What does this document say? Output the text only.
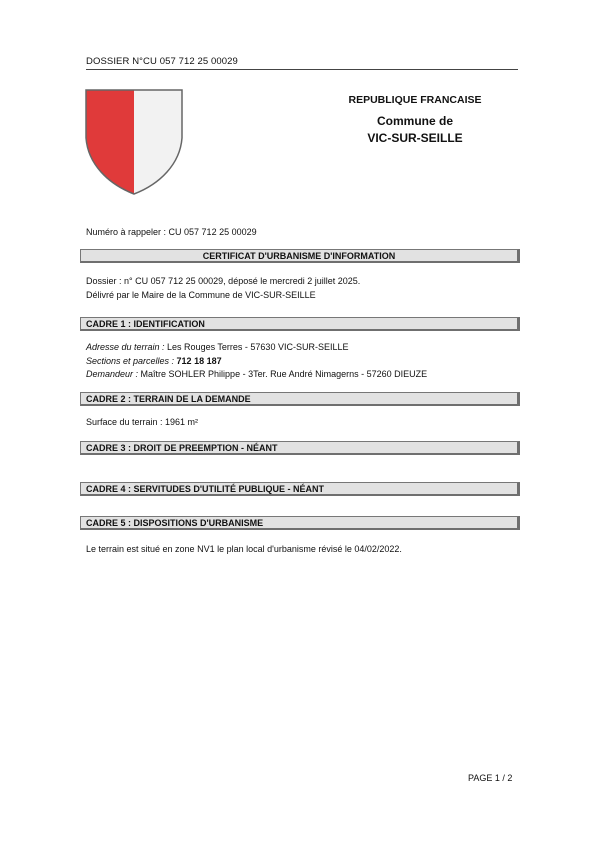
DOSSIER N°CU 057 712 25 00029
REPUBLIQUE FRANCAISE
Commune de
VIC-SUR-SEILLE
Numéro à rappeler : CU 057 712 25 00029
CERTIFICAT D'URBANISME D'INFORMATION
Dossier : n° CU 057 712 25 00029, déposé le mercredi 2 juillet 2025.
Délivré par le Maire de la Commune de VIC-SUR-SEILLE
CADRE 1 : IDENTIFICATION
Adresse du terrain : Les Rouges Terres - 57630 VIC-SUR-SEILLE
Sections et parcelles : 712 18 187
Demandeur : Maître SOHLER Philippe - 3Ter. Rue André Nimagerns - 57260 DIEUZE
CADRE 2 : TERRAIN DE LA DEMANDE
Surface du terrain : 1961 m²
CADRE 3 : DROIT DE PREEMPTION - NÉANT
CADRE 4 : SERVITUDES D'UTILITÉ PUBLIQUE - NÉANT
CADRE 5 : DISPOSITIONS D'URBANISME
Le terrain est situé en zone NV1 le plan local d'urbanisme révisé le 04/02/2022.
PAGE 1 / 2
